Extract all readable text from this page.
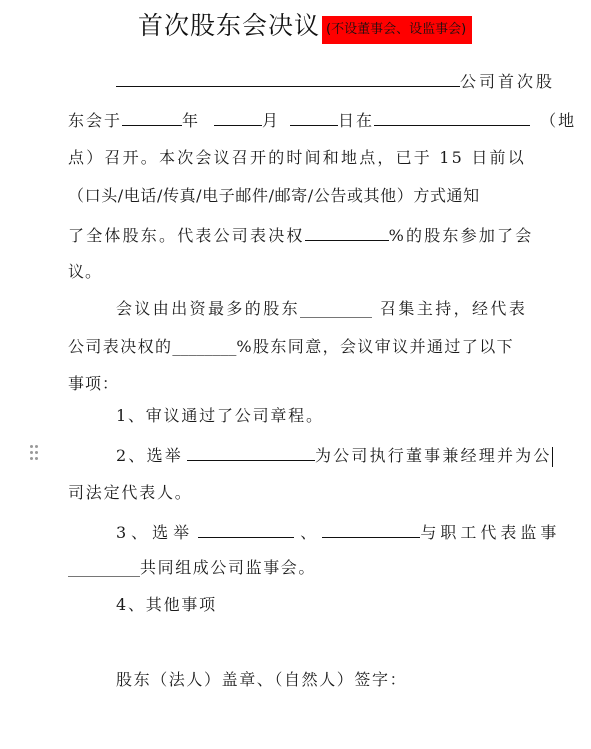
首次股东会决议 (不设董事会、设监事会)
公司首次股
东会于	年	月	日在	（地
点）召开。本次会议召开的时间和地点，已于 15 日前以
（口头/电话/传真/电子邮件/邮寄/公告或其他）方式通知
了全体股东。代表公司表决权	%的股东参加了会
议。
会议由出资最多的股东_________ 召集主持，经代表
公司表决权的________%股东同意，会议审议并通过了以下
事项：
1、审议通过了公司章程。
2、选举	为公司执行董事兼经理并为公
司法定代表人。
3、选举	、	与职工代表监事
_________共同组成公司监事会。
4、其他事项
股东（法人）盖章、（自然人）签字：
